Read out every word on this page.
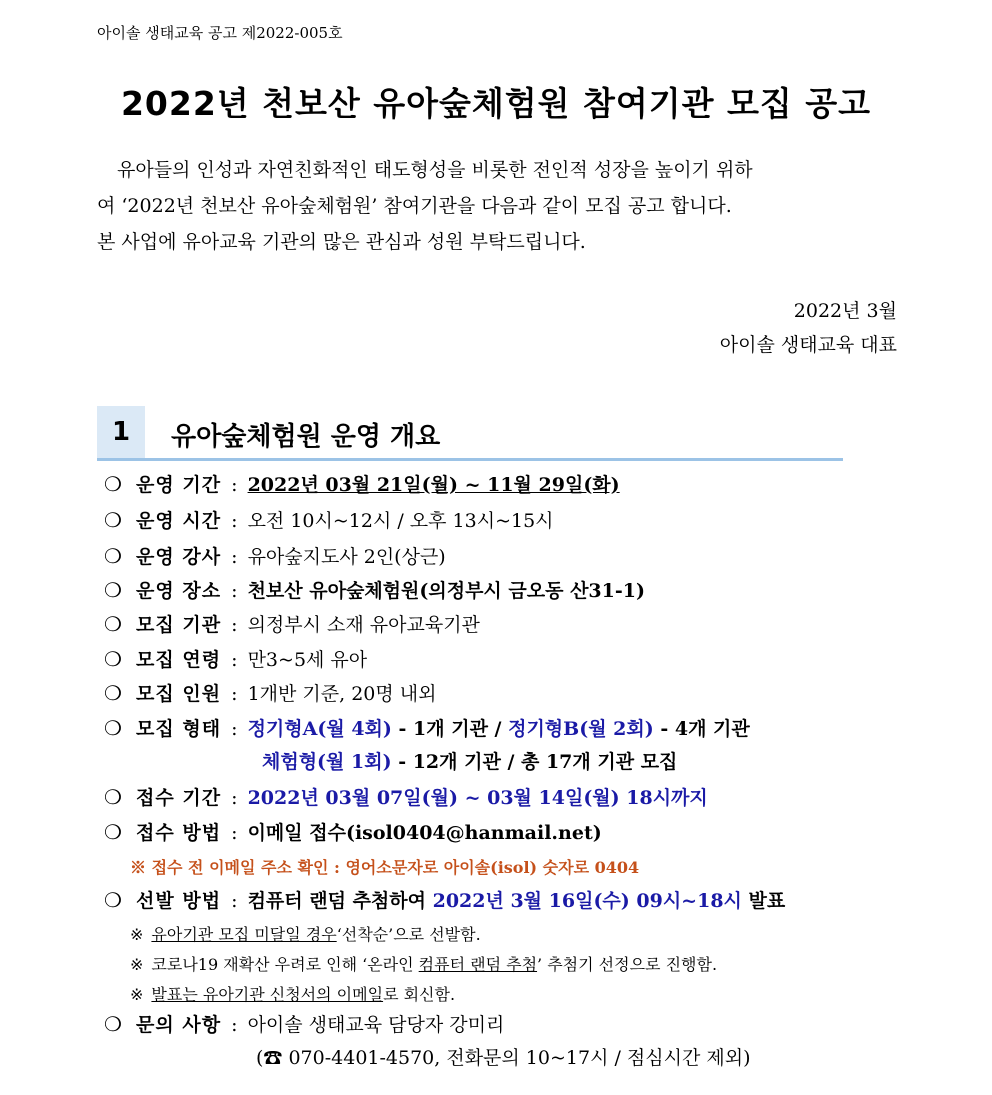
아이솔 생태교육 공고 제2022-005호
2022년 천보산 유아숲체험원 참여기관 모집 공고
유아들의 인성과 자연친화적인 태도형성을 비롯한 전인적 성장을 높이기 위하
여 ‘2022년 천보산 유아숲체험원’ 참여기관을 다음과 같이 모집 공고 합니다.
본 사업에 유아교육 기관의 많은 관심과 성원 부탁드립니다.
2022년 3월
아이솔 생태교육 대표
1	유아숲체험원 운영 개요
❍ 운영 기간 : 2022년 03월 21일(월) ~ 11월 29일(화)
❍ 운영 시간 : 오전 10시~12시 / 오후 13시~15시
❍ 운영 강사 : 유아숲지도사 2인(상근)
❍ 운영 장소 : 천보산 유아숲체험원(의정부시 금오동 산31-1)
❍ 모집 기관 : 의정부시 소재 유아교육기관
❍ 모집 연령 : 만3~5세 유아
❍ 모집 인원 : 1개반 기준, 20명 내외
❍ 모집 형태 : 정기형A(월 4회) - 1개 기관 / 정기형B(월 2회) - 4개 기관
체험형(월 1회) - 12개 기관 / 총 17개 기관 모집
❍ 접수 기간 : 2022년 03월 07일(월) ~ 03월 14일(월) 18시까지
❍ 접수 방법 : 이메일 접수(isol0404@hanmail.net)
※ 접수 전 이메일 주소 확인 : 영어소문자로 아이솔(isol) 숫자로 0404
❍ 선발 방법 : 컴퓨터 랜덤 추첨하여 2022년 3월 16일(수) 09시~18시 발표
※ 유아기관 모집 미달일 경우‘선착순’으로 선발함.
※ 코로나19 재확산 우려로 인해 ‘온라인 컴퓨터 랜덤 추첨’ 추첨기 선정으로 진행함.
※ 발표는 유아기관 신청서의 이메일로 회신함.
❍ 문의 사항 : 아이솔 생태교육 담당자 강미리
(☎ 070-4401-4570, 전화문의 10~17시 / 점심시간 제외)
